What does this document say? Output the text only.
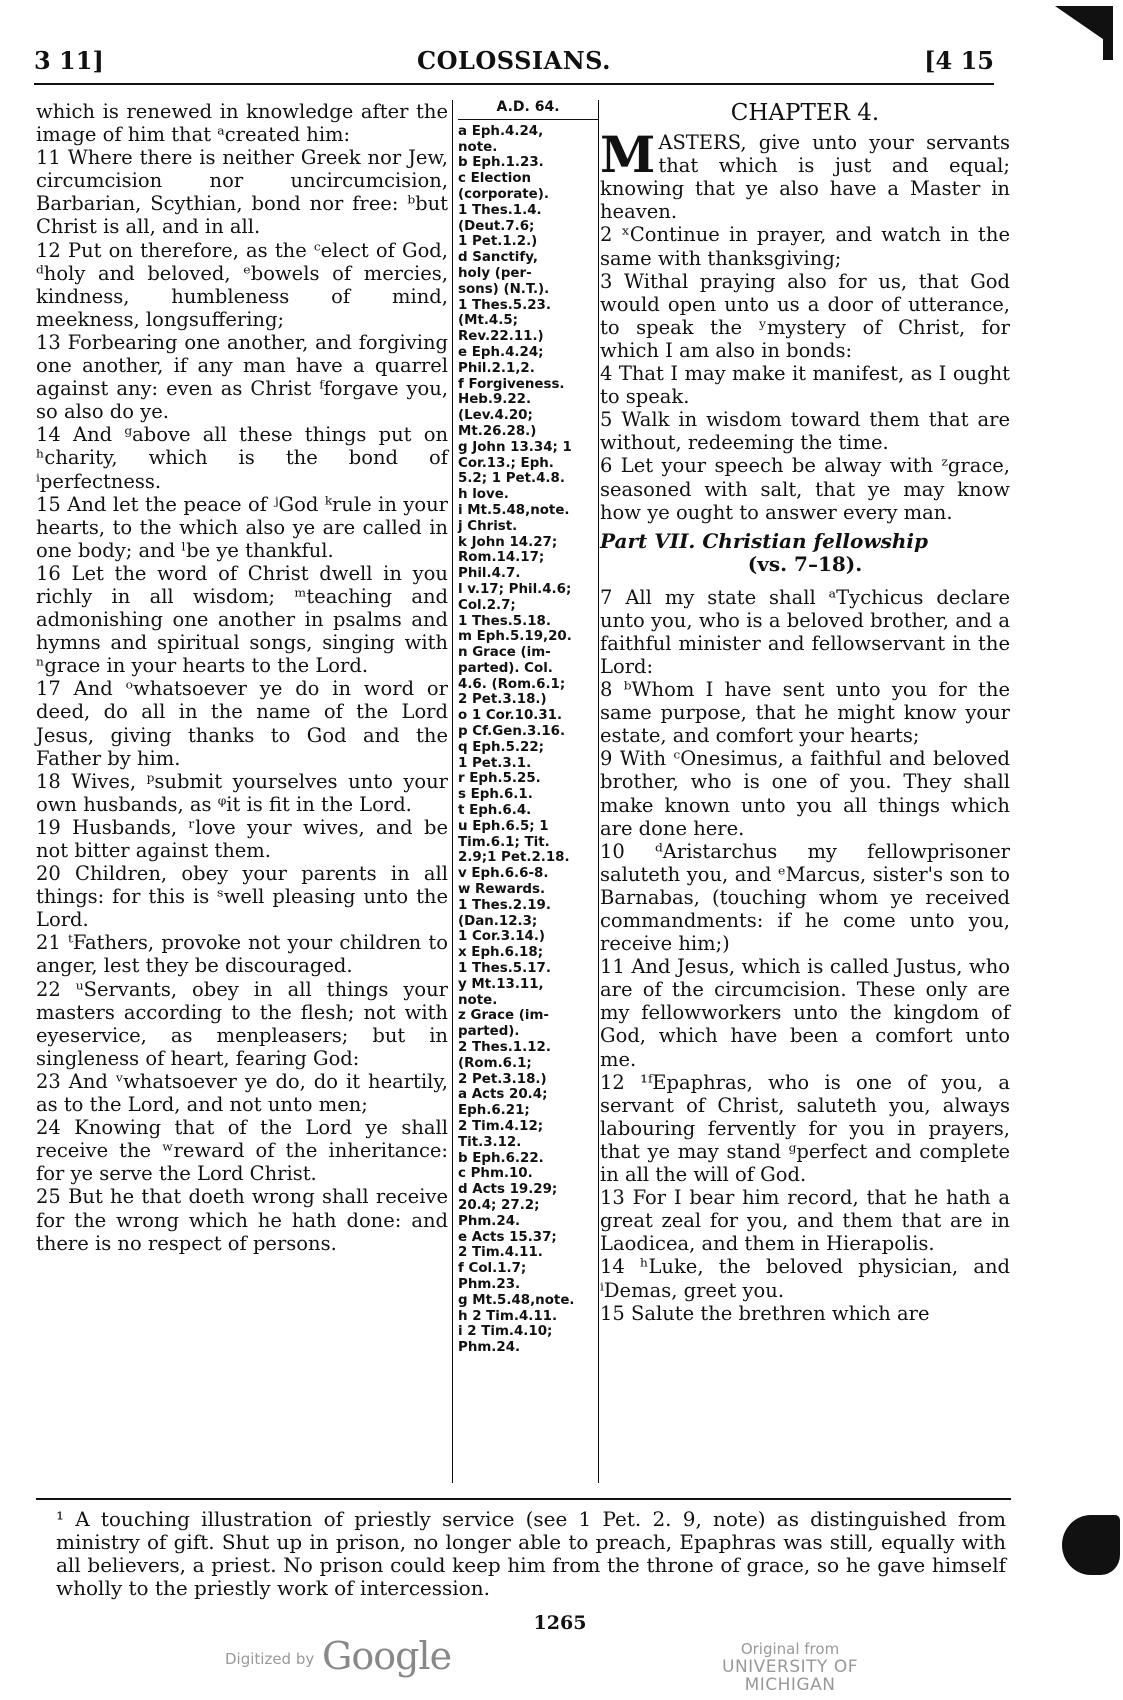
3 11]	COLOSSIANS.	[4 15

which is renewed in knowledge after the image of him that ᵃcreated him:

11 Where there is neither Greek nor Jew, circumcision nor uncircumcision, Barbarian, Scythian, bond nor free: ᵇbut Christ is all, and in all.

12 Put on therefore, as the ᶜelect of God, ᵈholy and beloved, ᵉbowels of mercies, kindness, humbleness of mind, meekness, longsuffering;

13 Forbearing one another, and forgiving one another, if any man have a quarrel against any: even as Christ ᶠforgave you, so also do ye.

14 And ᵍabove all these things put on ʰcharity, which is the bond of ⁱperfectness.

15 And let the peace of ʲGod ᵏrule in your hearts, to the which also ye are called in one body; and ˡbe ye thankful.

16 Let the word of Christ dwell in you richly in all wisdom; ᵐteaching and admonishing one another in psalms and hymns and spiritual songs, singing with ⁿgrace in your hearts to the Lord.

17 And ᵒwhatsoever ye do in word or deed, do all in the name of the Lord Jesus, giving thanks to God and the Father by him.

18 Wives, ᵖsubmit yourselves unto your own husbands, as ᵠit is fit in the Lord.

19 Husbands, ʳlove your wives, and be not bitter against them.

20 Children, obey your parents in all things: for this is ˢwell pleasing unto the Lord.

21 ᵗFathers, provoke not your children to anger, lest they be discouraged.

22 ᵘServants, obey in all things your masters according to the flesh; not with eyeservice, as menpleasers; but in singleness of heart, fearing God:

23 And ᵛwhatsoever ye do, do it heartily, as to the Lord, and not unto men;

24 Knowing that of the Lord ye shall receive the ʷreward of the inheritance: for ye serve the Lord Christ.

25 But he that doeth wrong shall receive for the wrong which he hath done: and there is no respect of persons.

A.D. 64.
a Eph.4.24,
note.
b Eph.1.23.
c Election
(corporate).
1 Thes.1.4.
(Deut.7.6;
1 Pet.1.2.)
d Sanctify,
holy (per-
sons) (N.T.).
1 Thes.5.23.
(Mt.4.5;
Rev.22.11.)
e Eph.4.24;
Phil.2.1,2.
f Forgiveness.
Heb.9.22.
(Lev.4.20;
Mt.26.28.)
g John 13.34; 1
Cor.13.; Eph.
5.2; 1 Pet.4.8.
h love.
i Mt.5.48,note.
j Christ.
k John 14.27;
Rom.14.17;
Phil.4.7.
l v.17; Phil.4.6;
Col.2.7;
1 Thes.5.18.
m Eph.5.19,20.
n Grace (im-
parted). Col.
4.6. (Rom.6.1;
2 Pet.3.18.)
o 1 Cor.10.31.
p Cf.Gen.3.16.
q Eph.5.22;
1 Pet.3.1.
r Eph.5.25.
s Eph.6.1.
t Eph.6.4.
u Eph.6.5; 1
Tim.6.1; Tit.
2.9;1 Pet.2.18.
v Eph.6.6-8.
w Rewards.
1 Thes.2.19.
(Dan.12.3;
1 Cor.3.14.)
x Eph.6.18;
1 Thes.5.17.
y Mt.13.11,
note.
z Grace (im-
parted).
2 Thes.1.12.
(Rom.6.1;
2 Pet.3.18.)
a Acts 20.4;
Eph.6.21;
2 Tim.4.12;
Tit.3.12.
b Eph.6.22.
c Phm.10.
d Acts 19.29;
20.4; 27.2;
Phm.24.
e Acts 15.37;
2 Tim.4.11.
f Col.1.7;
Phm.23.
g Mt.5.48,note.
h 2 Tim.4.11.
i 2 Tim.4.10;
Phm.24.
CHAPTER 4.

MASTERS, give unto your servants that which is just and equal; knowing that ye also have a Master in heaven.

2 ˣContinue in prayer, and watch in the same with thanksgiving;

3 Withal praying also for us, that God would open unto us a door of utterance, to speak the ʸmystery of Christ, for which I am also in bonds:

4 That I may make it manifest, as I ought to speak.

5 Walk in wisdom toward them that are without, redeeming the time.

6 Let your speech be alway with ᶻgrace, seasoned with salt, that ye may know how ye ought to answer every man.

Part VII. Christian fellowship
(vs. 7–18).

7 All my state shall ᵃTychicus declare unto you, who is a beloved brother, and a faithful minister and fellowservant in the Lord:

8 ᵇWhom I have sent unto you for the same purpose, that he might know your estate, and comfort your hearts;

9 With ᶜOnesimus, a faithful and beloved brother, who is one of you. They shall make known unto you all things which are done here.

10 ᵈAristarchus my fellowprisoner saluteth you, and ᵉMarcus, sister's son to Barnabas, (touching whom ye received commandments: if he come unto you, receive him;)

11 And Jesus, which is called Justus, who are of the circumcision. These only are my fellowworkers unto the kingdom of God, which have been a comfort unto me.

12 ¹ᶠEpaphras, who is one of you, a servant of Christ, saluteth you, always labouring fervently for you in prayers, that ye may stand ᵍperfect and complete in all the will of God.

13 For I bear him record, that he hath a great zeal for you, and them that are in Laodicea, and them in Hierapolis.

14 ʰLuke, the beloved physician, and ⁱDemas, greet you.

15 Salute the brethren which are

¹ A touching illustration of priestly service (see 1 Pet. 2. 9, note) as distinguished from ministry of gift. Shut up in prison, no longer able to preach, Epaphras was still, equally with all believers, a priest. No prison could keep him from the throne of grace, so he gave himself wholly to the priestly work of intercession.
1265
Digitized by Google	Original from
UNIVERSITY OF MICHIGAN
